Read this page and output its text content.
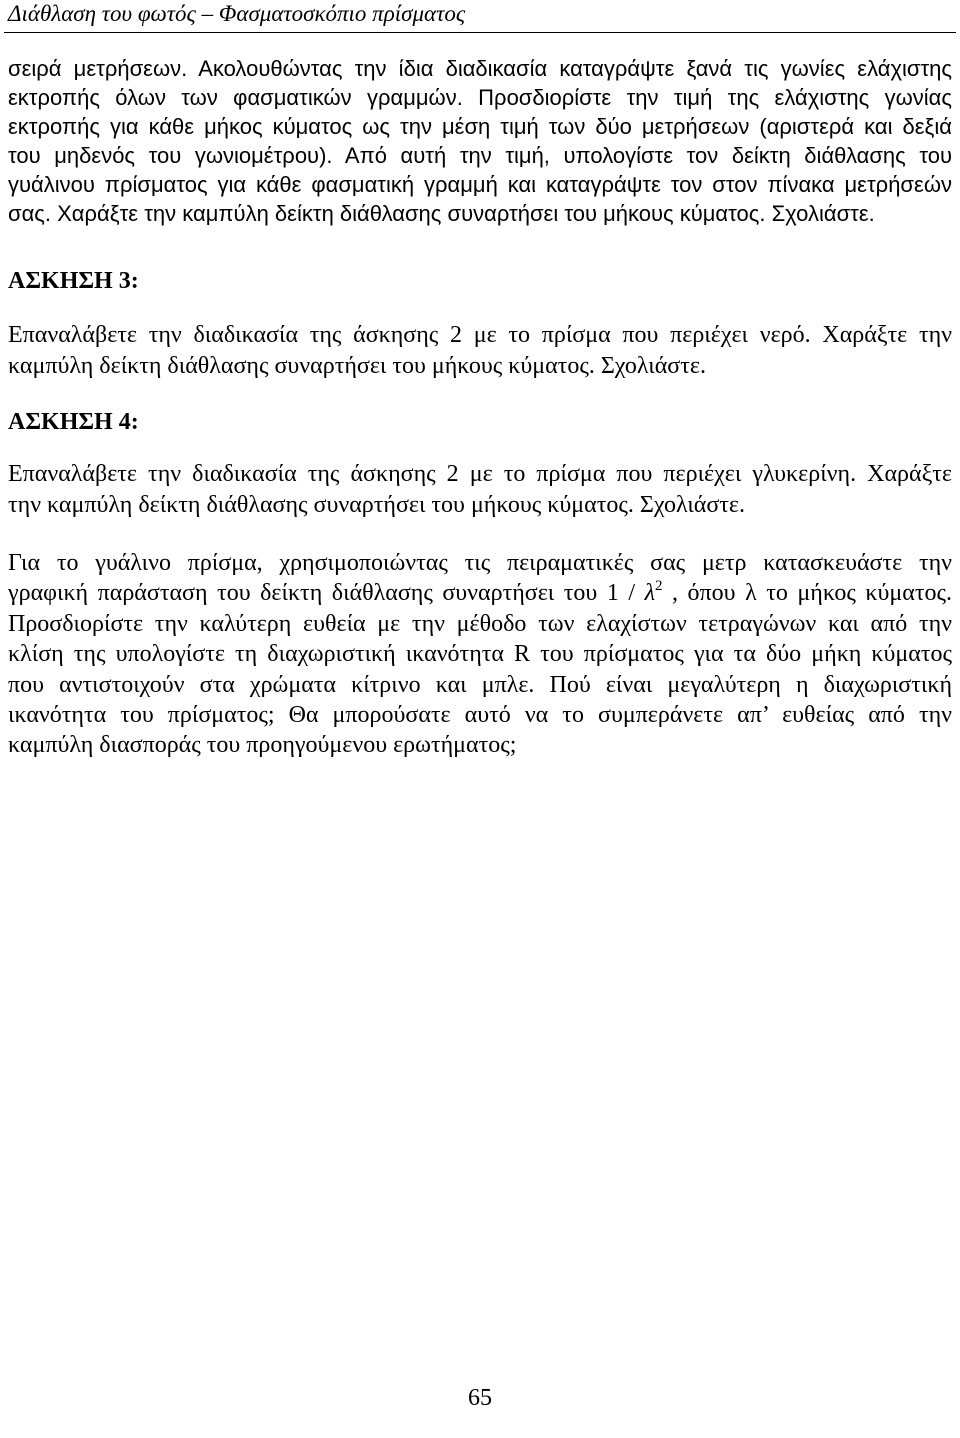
Διάθλαση του φωτός – Φασματοσκόπιο πρίσματος
σειρά μετρήσεων. Ακολουθώντας την ίδια διαδικασία καταγράψτε ξανά τις γωνίες ελάχιστης
εκτροπής όλων των φασματικών γραμμών. Προσδιορίστε την τιμή της ελάχιστης γωνίας
εκτροπής για κάθε μήκος κύματος ως την μέση τιμή των δύο μετρήσεων (αριστερά και δεξιά
του μηδενός του γωνιομέτρου). Από αυτή την τιμή, υπολογίστε τον δείκτη διάθλασης του
γυάλινου πρίσματος για κάθε φασματική γραμμή και καταγράψτε τον στον πίνακα μετρήσεών
σας. Χαράξτε την καμπύλη δείκτη διάθλασης συναρτήσει του μήκους κύματος. Σχολιάστε.
ΑΣΚΗΣΗ 3:
Επαναλάβετε την διαδικασία της άσκησης 2 με το πρίσμα που περιέχει νερό. Χαράξτε την
καμπύλη δείκτη διάθλασης συναρτήσει του μήκους κύματος. Σχολιάστε.
ΑΣΚΗΣΗ 4:
Επαναλάβετε την διαδικασία της άσκησης 2 με το πρίσμα που περιέχει γλυκερίνη. Χαράξτε
την καμπύλη δείκτη διάθλασης συναρτήσει του μήκους κύματος. Σχολιάστε.
Για το γυάλινο πρίσμα, χρησιμοποιώντας τις πειραματικές σας μετρ κατασκευάστε την
γραφική παράσταση του δείκτη διάθλασης συναρτήσει του $1 / \lambda^2$ , όπου λ το μήκος κύματος.
Προσδιορίστε την καλύτερη ευθεία με την μέθοδο των ελαχίστων τετραγώνων και από την
κλίση της υπολογίστε τη διαχωριστική ικανότητα R του πρίσματος για τα δύο μήκη κύματος
που αντιστοιχούν στα χρώματα κίτρινο και μπλε. Πού είναι μεγαλύτερη η διαχωριστική
ικανότητα του πρίσματος; Θα μπορούσατε αυτό να το συμπεράνετε απ’ ευθείας από την
καμπύλη διασποράς του προηγούμενου ερωτήματος;
65
